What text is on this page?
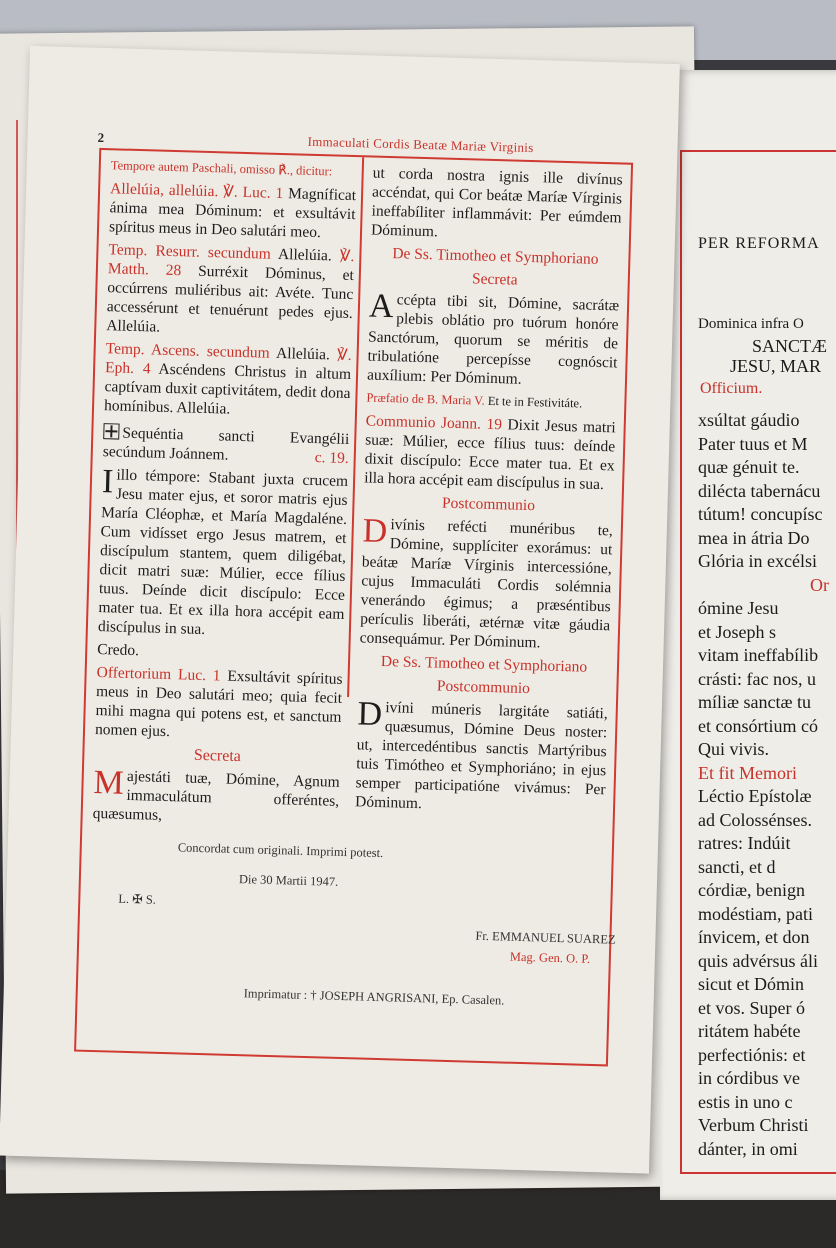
PER REFORMA
Dominica infra O
SANCTÆ
JESU, MAR
Officium.
xsúltat gáudio
Pater tuus et M
quæ génuit te.
dilécta tabernácu
tútum! concupísc
mea in átria Do
Glória in excélsi
Or
ómine Jesu
et Joseph s
vitam ineffabílib
crásti: fac nos, u
míliæ sanctæ tu
et consórtium có
Qui vivis.
Et fit Memori
Léctio Epístolæ
ad Colossénses.
ratres: Indúit
sancti, et d
córdiæ, benign
modéstiam, pati
ínvicem, et don
quis advérsus áli
sicut et Dómin
et vos. Super ó
ritátem habéte
perfectiónis: et
in córdibus ve
estis in uno c
Verbum Christi
dánter, in omi
2	Immaculati Cordis Beatæ Mariæ Virginis

Tempore autem Paschali, omisso ℟., dicitur:

Allelúia, allelúia. ℣. Luc. 1 Magníficat ánima mea Dóminum: et exsultávit spíritus meus in Deo salutári meo.

Temp. Resurr. secundum Allelúia. ℣. Matth. 28 Surréxit Dóminus, et occúrrens muliéribus ait: Avéte. Tunc accessérunt et tenuérunt pedes ejus. Allelúia.

Temp. Ascens. secundum Allelúia. ℣. Eph. 4 Ascéndens Christus in altum captívam duxit captivitátem, dedit dona homínibus. Allelúia.

Sequéntia sancti Evangélii secúndum Joánnem.	c. 19.

Iillo témpore: Stabant juxta crucem Jesu mater ejus, et soror matris ejus María Cléophæ, et María Magdaléne. Cum vidísset ergo Jesus matrem, et discípulum stantem, quem diligébat, dicit matri suæ: Múlier, ecce fílius tuus. Deínde dicit discípulo: Ecce mater tua. Et ex illa hora accépit eam discípulus in sua.

Credo.

Offertorium Luc. 1 Exsultávit spíritus meus in Deo salutári meo; quia fecit mihi magna qui potens est, et sanctum nomen ejus.

Secreta

Majestáti tuæ, Dómine, Agnum immaculátum offeréntes, quæsumus,

ut corda nostra ignis ille divínus accéndat, qui Cor beátæ Maríæ Vírginis ineffabíliter inflammávit: Per eúmdem Dóminum.

De Ss. Timotheo et Symphoriano

Secreta

Accépta tibi sit, Dómine, sacrátæ plebis oblátio pro tuórum honóre Sanctórum, quorum se méritis de tribulatióne percepísse cognóscit auxílium: Per Dóminum.

Præfatio de B. Maria V. Et te in Festivitáte.

Communio Joann. 19 Dixit Jesus matri suæ: Múlier, ecce fílius tuus: deínde dixit discípulo: Ecce mater tua. Et ex illa hora accépit eam discípulus in sua.

Postcommunio

Divínis refécti munéribus te, Dómine, supplíciter exorámus: ut beátæ Maríæ Vírginis intercessióne, cujus Immaculáti Cordis solémnia venerándo égimus; a præséntibus perículis liberáti, ætérnæ vitæ gáudia consequámur. Per Dóminum.

De Ss. Timotheo et Symphoriano

Postcommunio

Divíni múneris largitáte satiáti, quæsumus, Dómine Deus noster: ut, intercedéntibus sanctis Martýribus tuis Timótheo et Symphoriáno; in ejus semper participatióne vivámus: Per Dóminum.

Concordat cum originali. Imprimi potest.
Die 30 Martii 1947.
L. ✠ S.
Fr. EMMANUEL SUAREZ
Mag. Gen. O. P.
Imprimatur : † JOSEPH ANGRISANI, Ep. Casalen.
